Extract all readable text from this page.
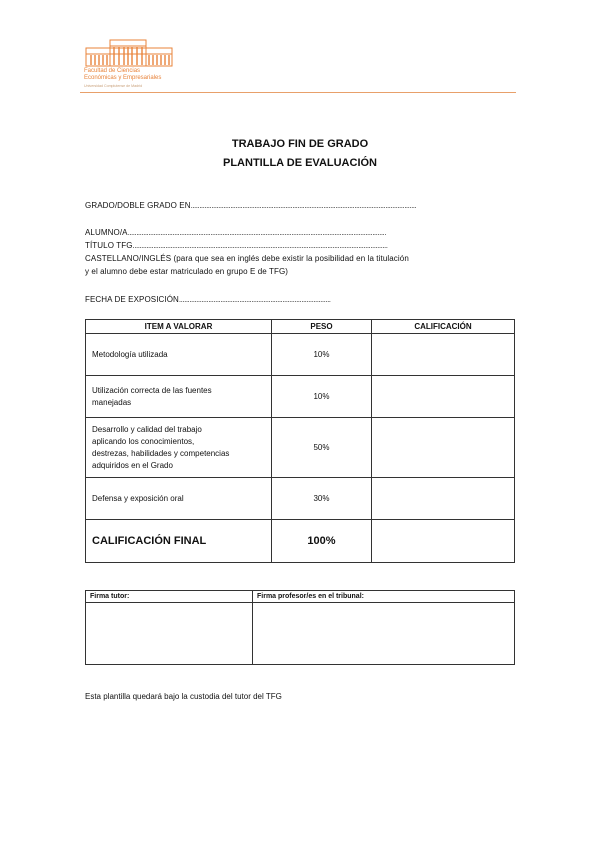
Facultad de Ciencias
Económicas y Empresariales
Universidad Complutense de Madrid
TRABAJO FIN DE GRADO
PLANTILLA DE EVALUACIÓN
GRADO/DOBLE GRADO EN...................................................................................................................................
ALUMNO/A......................................................................................................................................................
TÍTULO TFG....................................................................................................................................................
CASTELLANO/INGLÉS (para que sea en inglés debe existir la posibilidad en la titulación
y el alumno debe estar matriculado en grupo E de TFG)
FECHA DE EXPOSICIÓN........................................................................................
ITEM A VALORAR	PESO	CALIFICACIÓN
Metodología utilizada	10%	
Utilización correcta de las fuentes
manejadas	10%	
Desarrollo y calidad del trabajo
aplicando los conocimientos,
destrezas, habilidades y competencias
adquiridos en el Grado	50%	
Defensa y exposición oral	30%	
CALIFICACIÓN FINAL	100%	
Firma tutor:	Firma profesor/es en el tribunal:

Esta plantilla quedará bajo la custodia del tutor del TFG
